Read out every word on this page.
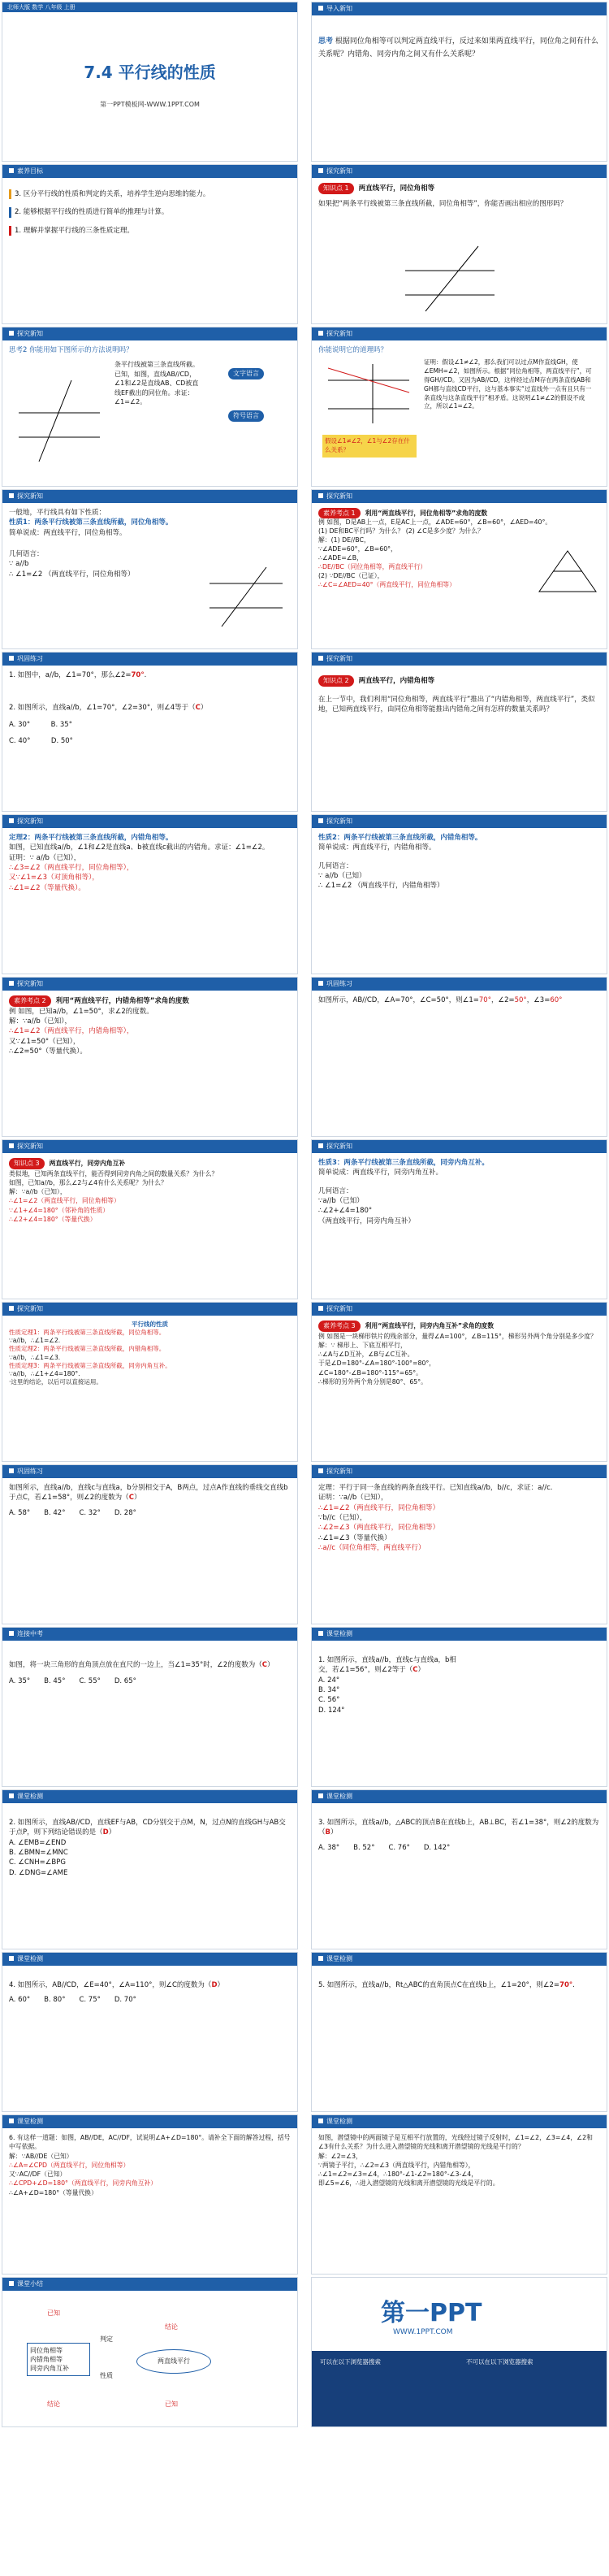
北师大版 数学 八年级 上册
7.4 平行线的性质
第一PPT模板网-WWW.1PPT.COM
导入新知
思考 根据同位角相等可以判定两直线平行，反过来如果两直线平行，同位角之间有什么关系呢？内错角、同旁内角之间又有什么关系呢？
素养目标
3. 区分平行线的性质和判定的关系，培养学生逆向思维的能力。
2. 能够根据平行线的性质进行简单的推理与计算。
1. 理解并掌握平行线的三条性质定理。
探究新知
知识点 1 两直线平行，同位角相等
如果把“两条平行线被第三条直线所截，同位角相等”，你能否画出相应的图形吗？
探究新知
思考2 你能用如下图所示的方法说明吗？
条平行线被第三条直线所截。已知，如图，直线AB//CD，∠1和∠2是直线AB、CD被直线EF截出的同位角。求证：∠1=∠2。
文字语言
符号语言
探究新知
你能说明它的道理吗？
证明：假设∠1≠∠2，那么我们可以过点M作直线GH，使∠EMH=∠2，如图所示。根据“同位角相等，两直线平行”，可得GH//CD。又因为AB//CD，这样经过点M存在两条直线AB和GH都与直线CD平行，这与基本事实“过直线外一点有且只有一条直线与这条直线平行”相矛盾。这说明∠1≠∠2的假设不成立，所以∠1=∠2。
假设∠1≠∠2，∠1与∠2存在什么关系？
探究新知
一般地，平行线具有如下性质：
性质1：两条平行线被第三条直线所截，同位角相等。
简单说成：两直线平行，同位角相等。
几何语言：
∵ a//b
∴ ∠1=∠2 （两直线平行，同位角相等）
探究新知
素养考点 1 利用“两直线平行，同位角相等”求角的度数
例 如图，D是AB上一点，E是AC上一点，∠ADE=60°，∠B=60°，∠AED=40°。
(1) DE和BC平行吗？为什么？ (2) ∠C是多少度？为什么？
解：(1) DE//BC，
∵∠ADE=60°，∠B=60°，
∴∠ADE=∠B，
∴DE//BC（同位角相等，两直线平行）
(2) ∵DE//BC（已证），
∴∠C=∠AED=40°（两直线平行，同位角相等）
巩固练习
1. 如图中，a//b，∠1=70°，那么∠2=70°.
2. 如图所示，直线a//b，∠1=70°，∠2=30°，则∠4等于（C）
A. 30°   	B. 35°
C. 40°   	D. 50°
探究新知
知识点 2 两直线平行，内错角相等
在上一节中，我们利用“同位角相等，两直线平行”推出了“内错角相等，两直线平行”，类似地，已知两直线平行，由同位角相等能推出内错角之间有怎样的数量关系吗？
探究新知
定理2：两条平行线被第三条直线所截，内错角相等。
如图，已知直线a//b，∠1和∠2是直线a、b被直线c截出的内错角。求证：∠1=∠2。
证明：∵ a//b（已知），
∴∠3=∠2（两直线平行，同位角相等），
又∵∠1=∠3（对顶角相等），
∴∠1=∠2（等量代换）。
探究新知
性质2：两条平行线被第三条直线所截，内错角相等。
简单说成：两直线平行，内错角相等。
几何语言：
∵ a//b（已知）
∴ ∠1=∠2 （两直线平行，内错角相等）
探究新知
素养考点 2 利用“两直线平行，内错角相等”求角的度数
例 如图，已知a//b，∠1=50°，求∠2的度数。
解：∵a//b（已知），
∴∠1=∠2（两直线平行，内错角相等），
又∵∠1=50°（已知），
∴∠2=50°（等量代换）。
巩固练习
如图所示，AB//CD，∠A=70°，∠C=50°，则∠1=70°，∠2=50°，∠3=60°
探究新知
知识点 3 两直线平行，同旁内角互补
类似地，已知两条直线平行，能否得到同旁内角之间的数量关系？为什么？
如图，已知a//b，那么∠2与∠4有什么关系呢？为什么？
解：∵a//b（已知），
∴∠1=∠2（两直线平行，同位角相等）
∵∠1+∠4=180°（邻补角的性质）
∴∠2+∠4=180°（等量代换）
探究新知
性质3：两条平行线被第三条直线所截，同旁内角互补。
简单说成：两直线平行，同旁内角互补。
几何语言：
∵a//b（已知）
∴∠2+∠4=180°
（两直线平行，同旁内角互补）
探究新知
平行线的性质
性质定理1：两条平行线被第三条直线所截，同位角相等。
∵a//b，∴∠1=∠2.
性质定理2：两条平行线被第三条直线所截，内错角相等。
∵a//b，∴∠1=∠3.
性质定理3：两条平行线被第三条直线所截，同旁内角互补。
∵a//b，∴∠1+∠4=180°.
·这里的结论，以后可以直接运用。
探究新知
素养考点 3 利用“两直线平行，同旁内角互补”求角的度数
例 如图是一块梯形铁片的残余部分，量得∠A=100°，∠B=115°，梯形另外两个角分别是多少度？
解：∵ 梯形上、下底互相平行，
∴∠A与∠D互补，∠B与∠C互补。
于是∠D=180°-∠A=180°-100°=80°，
∠C=180°-∠B=180°-115°=65°。
∴梯形的另外两个角分别是80°、65°。
巩固练习
如图所示，直线a//b，直线c与直线a，b分别相交于A，B两点，过点A作直线的垂线交直线b于点C，若∠1=58°，则∠2的度数为（C）
A. 58°   B. 42°   C. 32°   D. 28°
探究新知
定理：平行于同一条直线的两条直线平行。已知直线a//b，b//c，求证：a//c.
证明：∵a//b（已知），
∴∠1=∠2（两直线平行，同位角相等）
∵b//c（已知），
∴∠2=∠3（两直线平行，同位角相等）
∴∠1=∠3（等量代换）
∴a//c（同位角相等，两直线平行）
连接中考
如图，将一块三角形的直角顶点放在直尺的一边上，当∠1=35°时，∠2的度数为（C）
A. 35°   B. 45°   C. 55°   D. 65°
课堂检测
1. 如图所示，直线a//b，直线c与直线a，b相交，若∠1=56°，则∠2等于（C）
A. 24°
B. 34°
C. 56°
D. 124°
课堂检测
2. 如图所示，直线AB//CD，直线EF与AB，CD分别交于点M，N，过点N的直线GH与AB交于点P，则下列结论错误的是（D）
A. ∠EMB=∠END
B. ∠BMN=∠MNC
C. ∠CNH=∠BPG
D. ∠DNG=∠AME
课堂检测
3. 如图所示，直线a//b，△ABC的顶点B在直线b上，AB⊥BC，若∠1=38°，则∠2的度数为（B）
A. 38°   B. 52°   C. 76°   D. 142°
课堂检测
4. 如图所示，AB//CD，∠E=40°，∠A=110°，则∠C的度数为（D）
A. 60°   B. 80°   C. 75°   D. 70°
课堂检测
5. 如图所示，直线a//b，Rt△ABC的直角顶点C在直线b上，∠1=20°，则∠2=70°.
课堂检测
6. 有这样一道题：如图，AB//DE，AC//DF，试说明∠A+∠D=180°。请补全下面的解答过程，括号中写依据。
解：∵AB//DE（已知）
∴∠A=∠CPD（两直线平行，同位角相等）
又∵AC//DF（已知）
∴∠CPD+∠D=180°（两直线平行，同旁内角互补）
∴∠A+∠D=180°（等量代换）
课堂检测
如图，潜望镜中的两面镜子是互相平行放置的，光线经过镜子反射时，∠1=∠2，∠3=∠4，∠2和∠3有什么关系？为什么进入潜望镜的光线和离开潜望镜的光线是平行的？
解：∠2=∠3，
∵两镜子平行，∴∠2=∠3（两直线平行，内错角相等），
∴∠1=∠2=∠3=∠4，∴180°-∠1-∠2=180°-∠3-∠4，
即∠5=∠6，∴进入潜望镜的光线和离开潜望镜的光线是平行的。
课堂小结
已知
同位角相等
内错角相等
同旁内角互补
判定
性质
两直线平行
结论
结论	已知
第一PPT
WWW.1PPT.COM
可以在以下浏览器搜索	不可以在以下浏览器搜索
